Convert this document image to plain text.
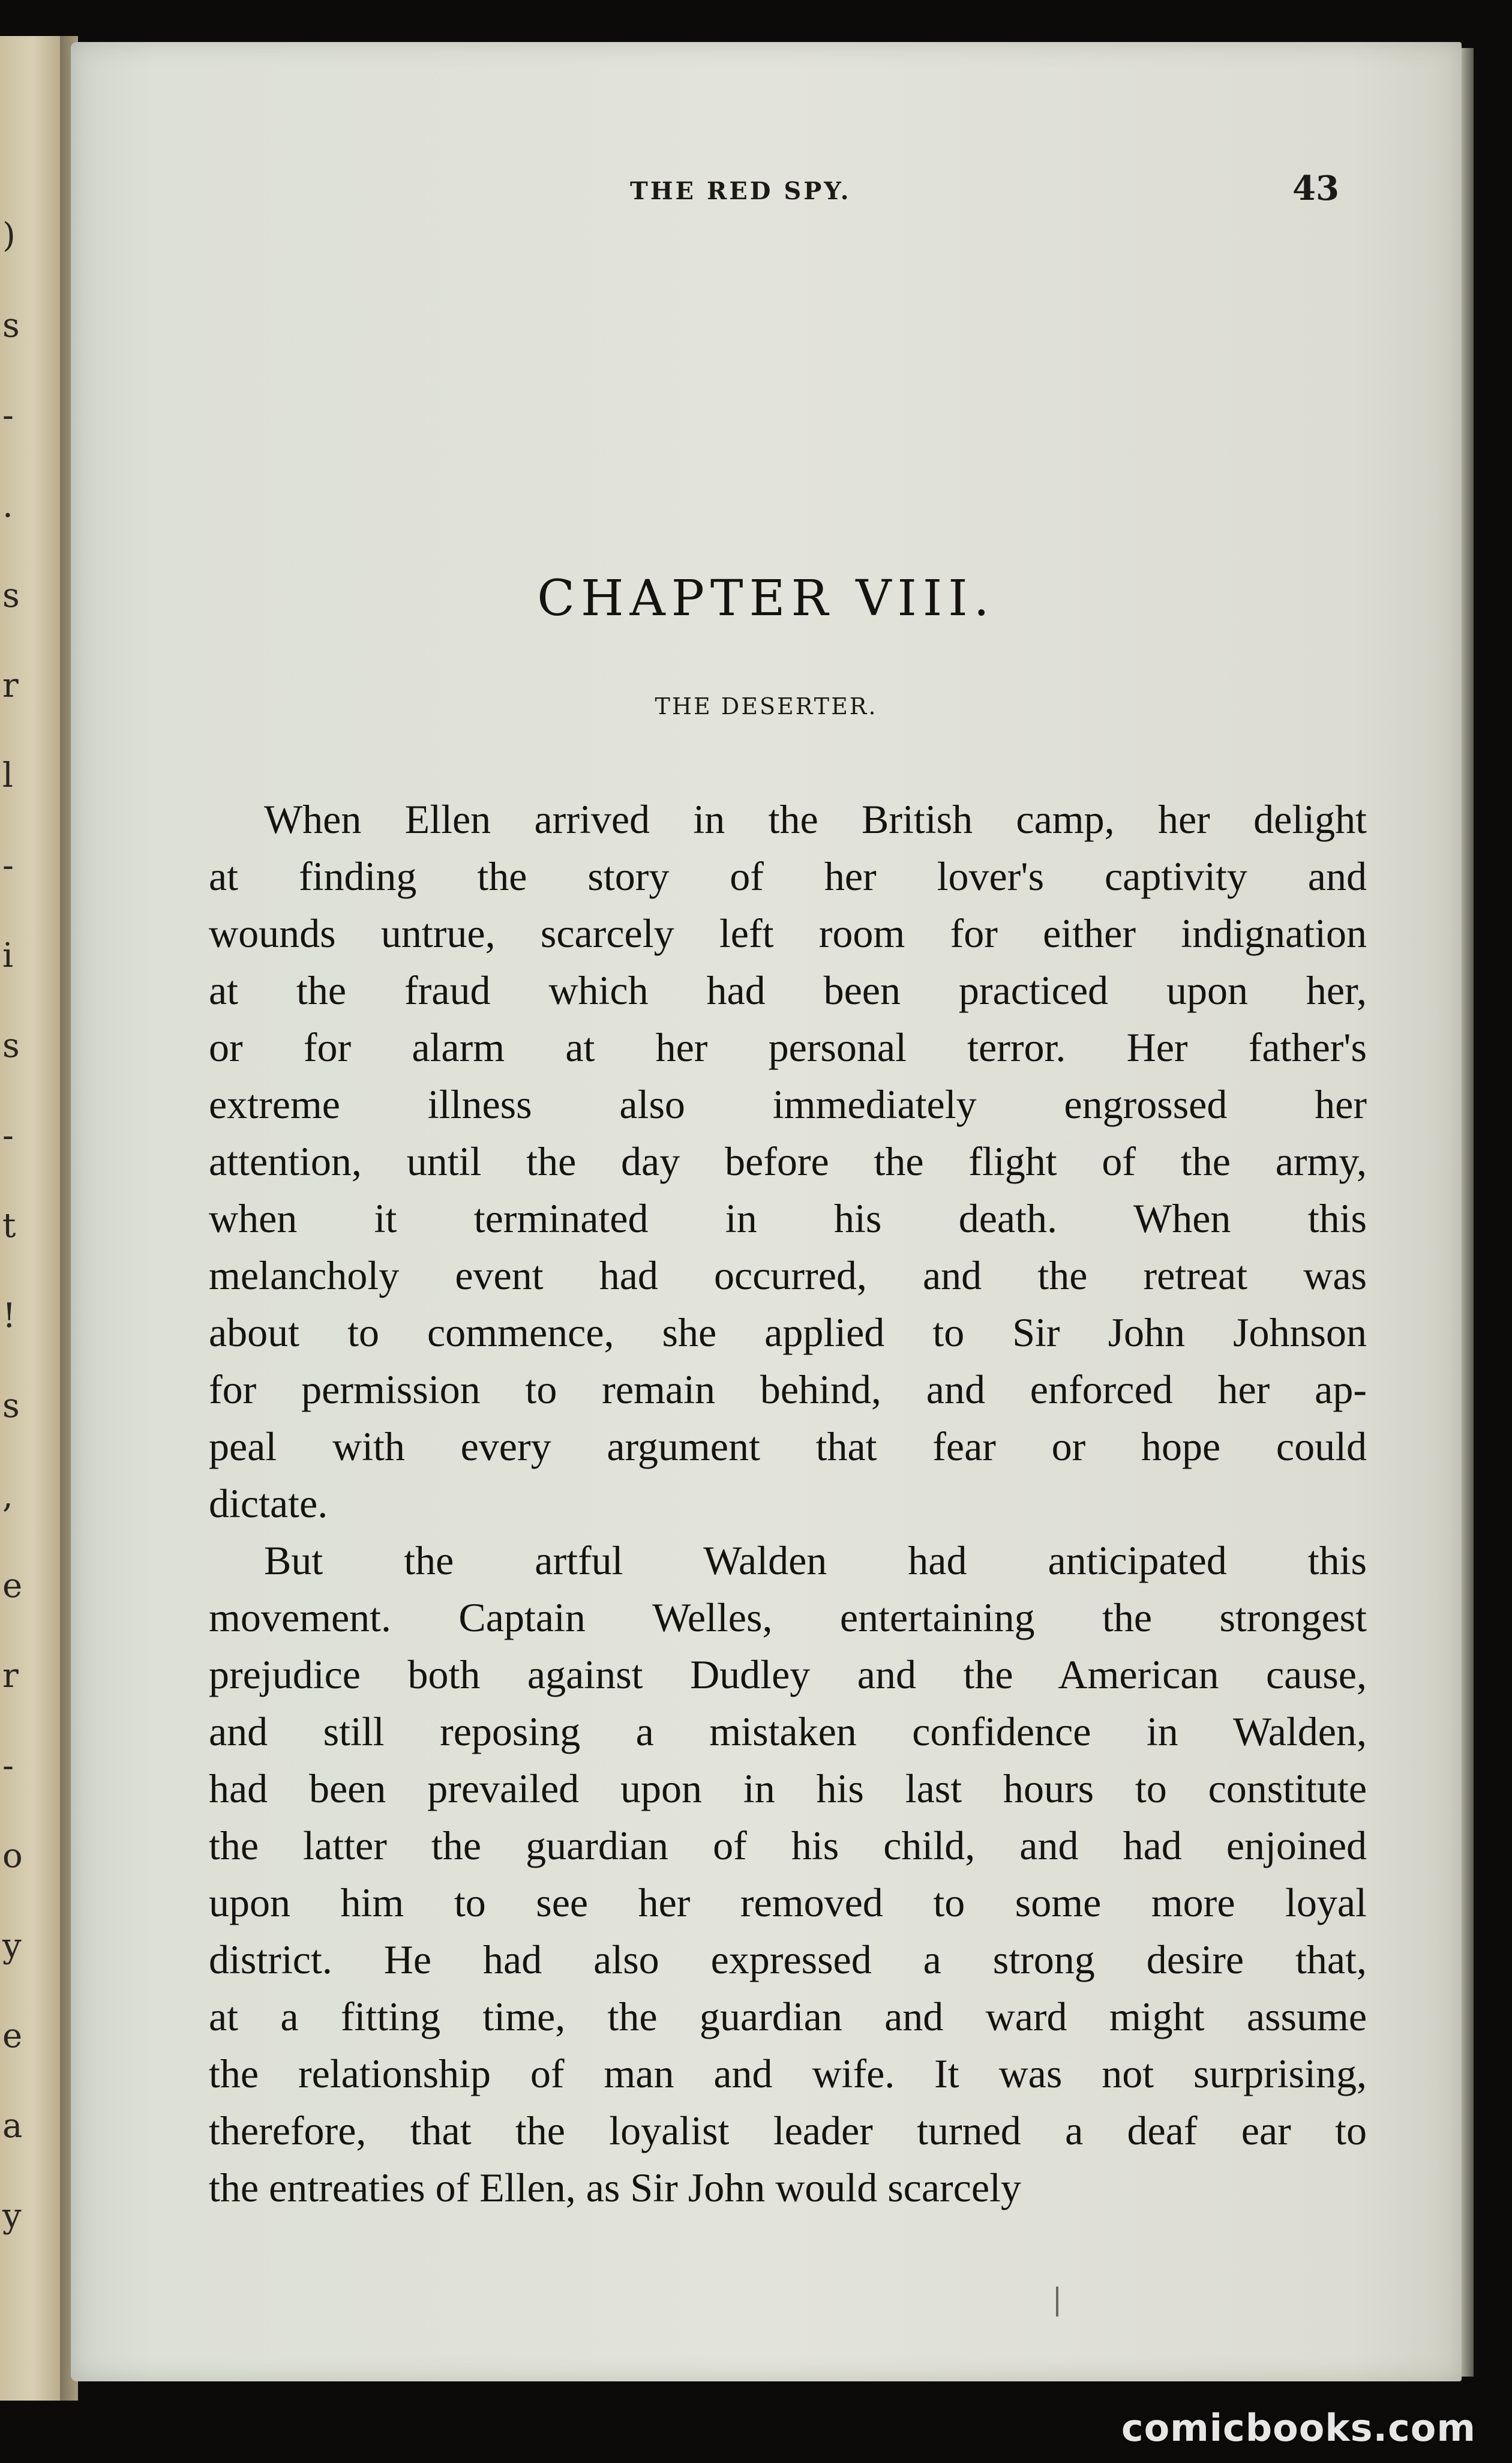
)
s
-
.
s
r
l
-
i
s
-
t
!
s
,
e
r
-
o
y
e
a
y
THE RED SPY.	43
CHAPTER VIII.
THE DESERTER.
When Ellen arrived in the British camp, her delight
at finding the story of her lover's captivity and
wounds untrue, scarcely left room for either indignation
at the fraud which had been practiced upon her,
or for alarm at her personal terror. Her father's
extreme illness also immediately engrossed her
attention, until the day before the flight of the army,
when it terminated in his death. When this
melancholy event had occurred, and the retreat was
about to commence, she applied to Sir John Johnson
for permission to remain behind, and enforced her ap-
peal with every argument that fear or hope could
dictate.
But the artful Walden had anticipated this
movement. Captain Welles, entertaining the strongest
prejudice both against Dudley and the American cause,
and still reposing a mistaken confidence in Walden,
had been prevailed upon in his last hours to constitute
the latter the guardian of his child, and had enjoined
upon him to see her removed to some more loyal
district. He had also expressed a strong desire that,
at a fitting time, the guardian and ward might assume
the relationship of man and wife. It was not surprising,
therefore, that the loyalist leader turned a deaf ear to
the entreaties of Ellen, as Sir John would scarcely
comicbooks.com
